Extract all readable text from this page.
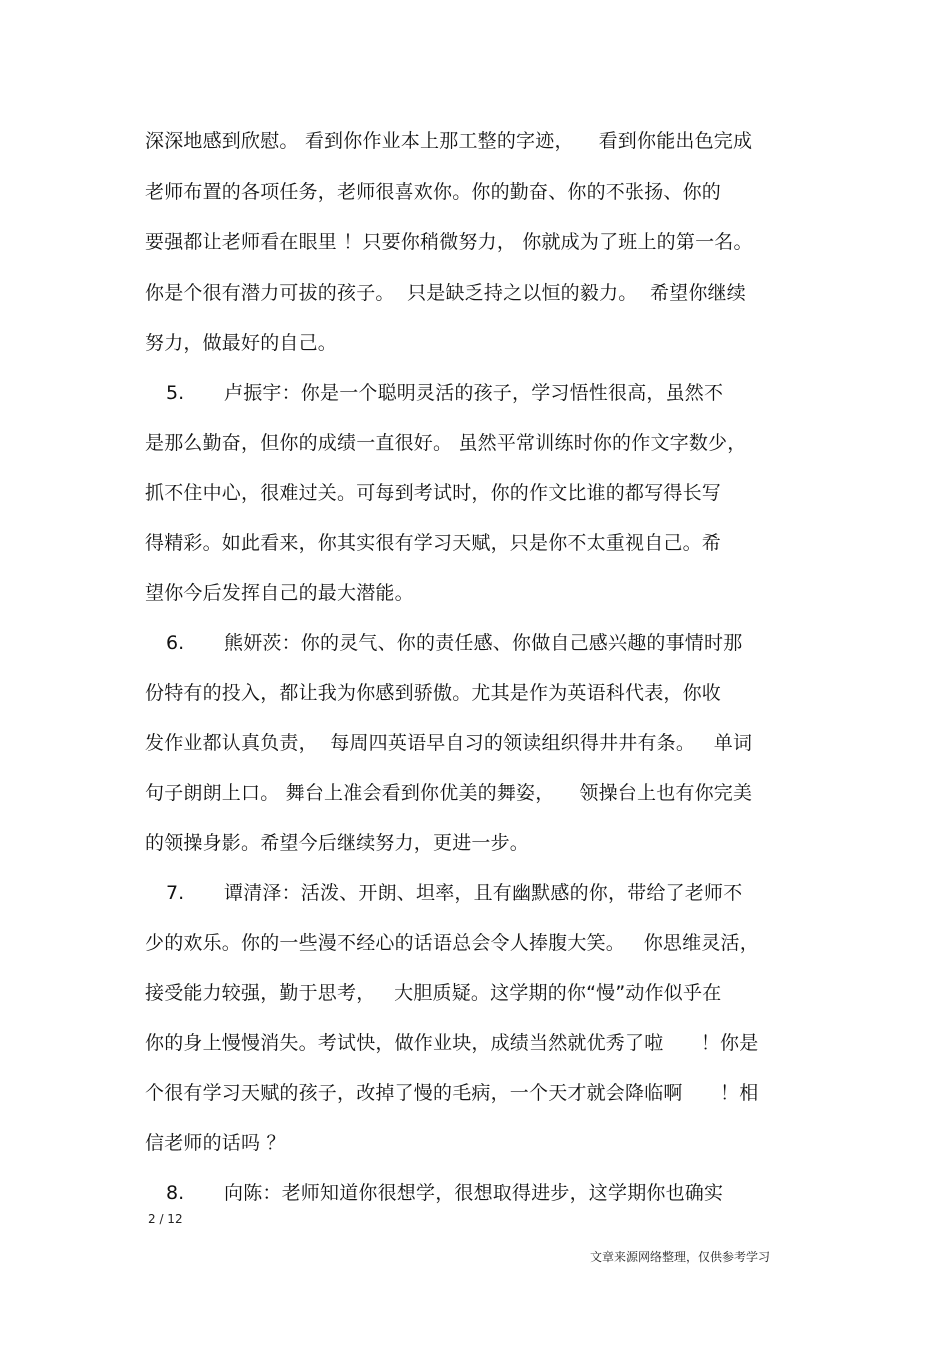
深深地感到欣慰。 看到你作业本上那工整的字迹，    看到你能出色完成
老师布置的各项任务，老师很喜欢你。你的勤奋、你的不张扬、你的
要强都让老师看在眼里 ！只要你稍微努力， 你就成为了班上的第一名。
你是个很有潜力可拔的孩子。  只是缺乏持之以恒的毅力。  希望你继续
努力，做最好的自己。
5. 卢振宇：你是一个聪明灵活的孩子，学习悟性很高，虽然不
是那么勤奋，但你的成绩一直很好。 虽然平常训练时你的作文字数少，
抓不住中心，很难过关。可每到考试时，你的作文比谁的都写得长写
得精彩。如此看来，你其实很有学习天赋，只是你不太重视自己。希
望你今后发挥自己的最大潜能。
6. 熊妍茨：你的灵气、你的责任感、你做自己感兴趣的事情时那
份特有的投入，都让我为你感到骄傲。尤其是作为英语科代表，你收
发作业都认真负责，  每周四英语早自习的领读组织得井井有条。   单词
句子朗朗上口。 舞台上准会看到你优美的舞姿，    领操台上也有你完美
的领操身影。希望今后继续努力，更进一步。
7. 谭清泽：活泼、开朗、坦率，且有幽默感的你，带给了老师不
少的欢乐。你的一些漫不经心的话语总会令人捧腹大笑。   你思维灵活，
接受能力较强，勤于思考，   大胆质疑。这学期的你“慢”动作似乎在
你的身上慢慢消失。考试快，做作业块，成绩当然就优秀了啦      ！你是
个很有学习天赋的孩子，改掉了慢的毛病，一个天才就会降临啊      ！相
信老师的话吗 ？
8. 向陈：老师知道你很想学，很想取得进步，这学期你也确实
2 / 12
文章来源网络整理，仅供参考学习
